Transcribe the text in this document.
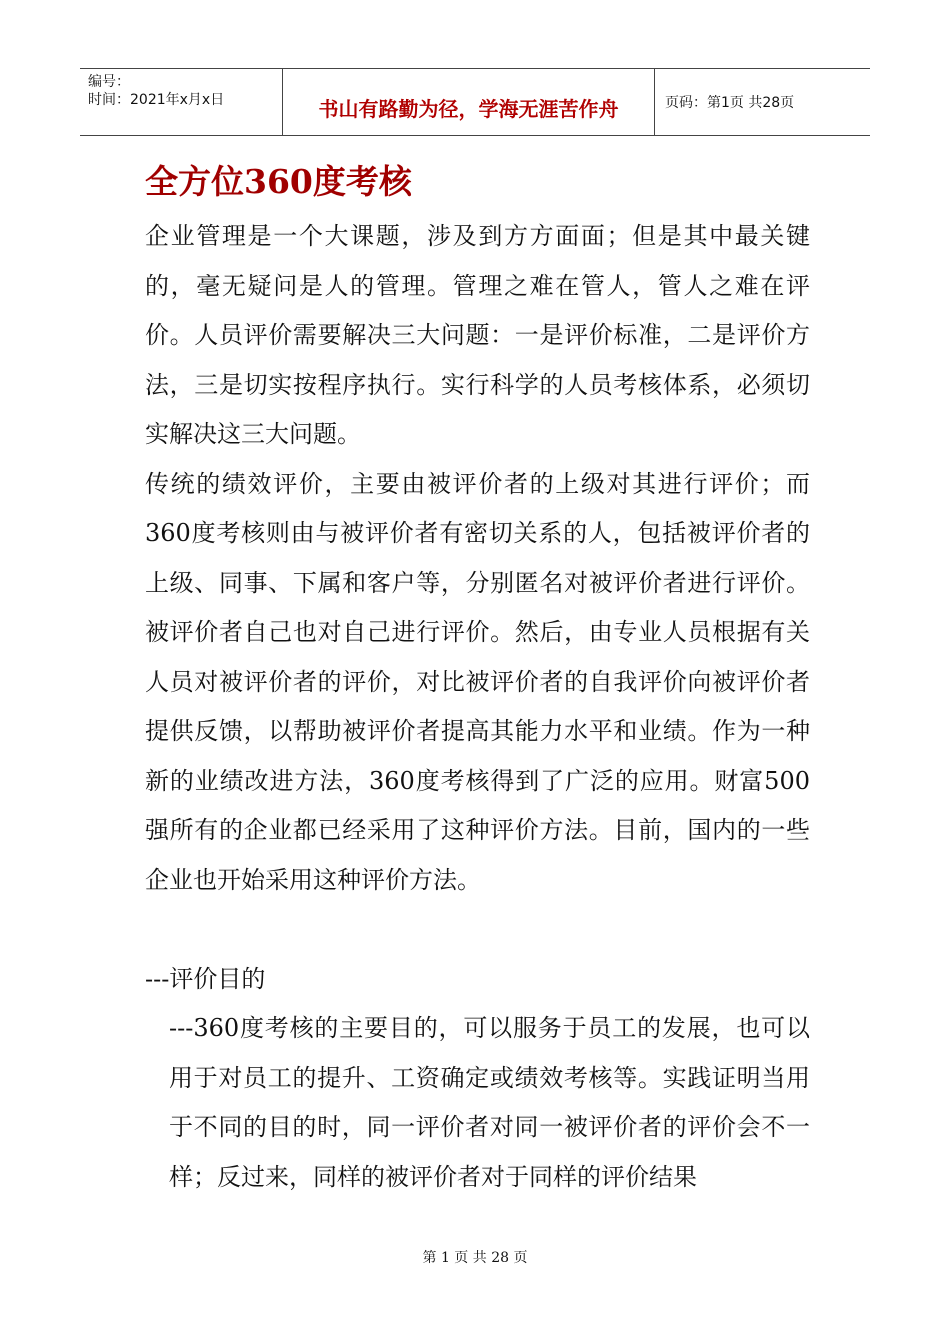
编号：
时间：2021年x月x日	书山有路勤为径，学海无涯苦作舟	页码：第1页 共28页
全方位360度考核

企业管理是一个大课题，涉及到方方面面；但是其中最关键的，毫无疑问是人的管理。管理之难在管人，管人之难在评价。人员评价需要解决三大问题：一是评价标准，二是评价方法，三是切实按程序执行。实行科学的人员考核体系，必须切实解决这三大问题。

传统的绩效评价，主要由被评价者的上级对其进行评价；而360度考核则由与被评价者有密切关系的人，包括被评价者的上级、同事、下属和客户等，分别匿名对被评价者进行评价。被评价者自己也对自己进行评价。然后，由专业人员根据有关人员对被评价者的评价，对比被评价者的自我评价向被评价者提供反馈，以帮助被评价者提高其能力水平和业绩。作为一种新的业绩改进方法，360度考核得到了广泛的应用。财富500强所有的企业都已经采用了这种评价方法。目前，国内的一些企业也开始采用这种评价方法。

---评价目的

---360度考核的主要目的，可以服务于员工的发展，也可以用于对员工的提升、工资确定或绩效考核等。实践证明当用于不同的目的时，同一评价者对同一被评价者的评价会不一样；反过来，同样的被评价者对于同样的评价结果

第 1 页 共 28 页
